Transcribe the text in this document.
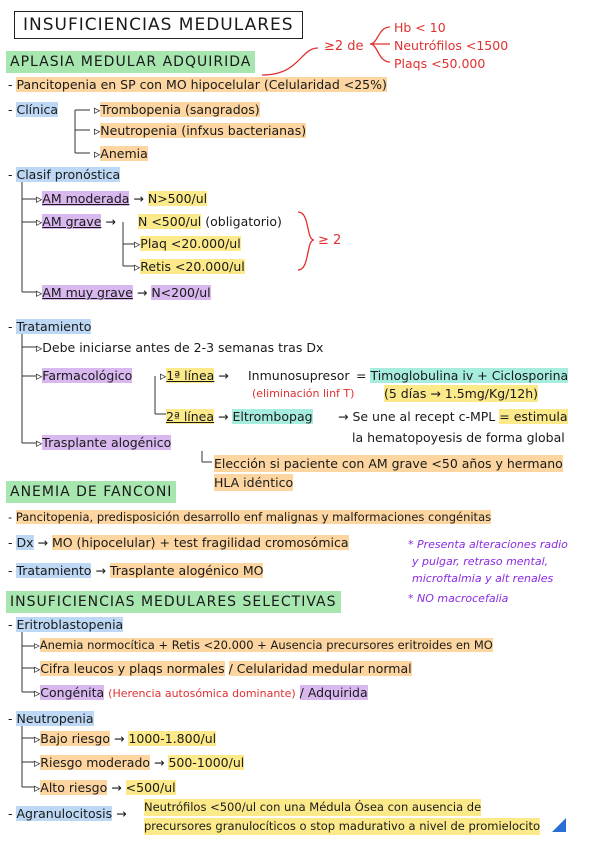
INSUFICIENCIAS MEDULARES
≥2 de
Hb < 10
Neutrófilos <1500
Plaqs <50.000
APLASIA MEDULAR ADQUIRIDA
- Pancitopenia en SP con MO hipocelular (Celularidad <25%)
- Clínica	▹Trombopenia (sangrados)
▹Neutropenia (infxus bacterianas)
▹Anemia
- Clasif pronóstica
▹AM moderada → N>500/ul
▹AM grave → N <500/ul (obligatorio)
▹Plaq <20.000/ul
▹Retis <20.000/ul
≥ 2
▹AM muy grave → N<200/ul
- Tratamiento
▹Debe iniciarse antes de 2-3 semanas tras Dx
▹Farmacológico ▹1ª línea → Inmunosupresor
(eliminación linf T)
= Timoglobulina iv + Ciclosporina
(5 días → 1.5mg/Kg/12h)
2ª línea → Eltrombopag → Se une al recept c-MPL = estimula
la hematopoyesis de forma global
▹Trasplante alogénico
Elección si paciente con AM grave <50 años y hermano
HLA idéntico
ANEMIA DE FANCONI
- Pancitopenia, predisposición desarrollo enf malignas y malformaciones congénitas
- Dx → MO (hipocelular) + test fragilidad cromosómica
- Tratamiento → Trasplante alogénico MO
* Presenta alteraciones radio
y pulgar, retraso mental,
microftalmia y alt renales
* NO macrocefalia
INSUFICIENCIAS MEDULARES SELECTIVAS
- Eritroblastopenia
▹Anemia normocítica + Retis <20.000 + Ausencia precursores eritroides en MO
▹Cifra leucos y plaqs normales / Celularidad medular normal
▹Congénita (Herencia autosómica dominante) / Adquirida
- Neutropenia
▹Bajo riesgo → 1000-1.800/ul
▹Riesgo moderado → 500-1000/ul
▹Alto riesgo → <500/ul
- Agranulocitosis → Neutrófilos <500/ul con una Médula Ósea con ausencia de
precursores granulocíticos o stop madurativo a nivel de promielocito
